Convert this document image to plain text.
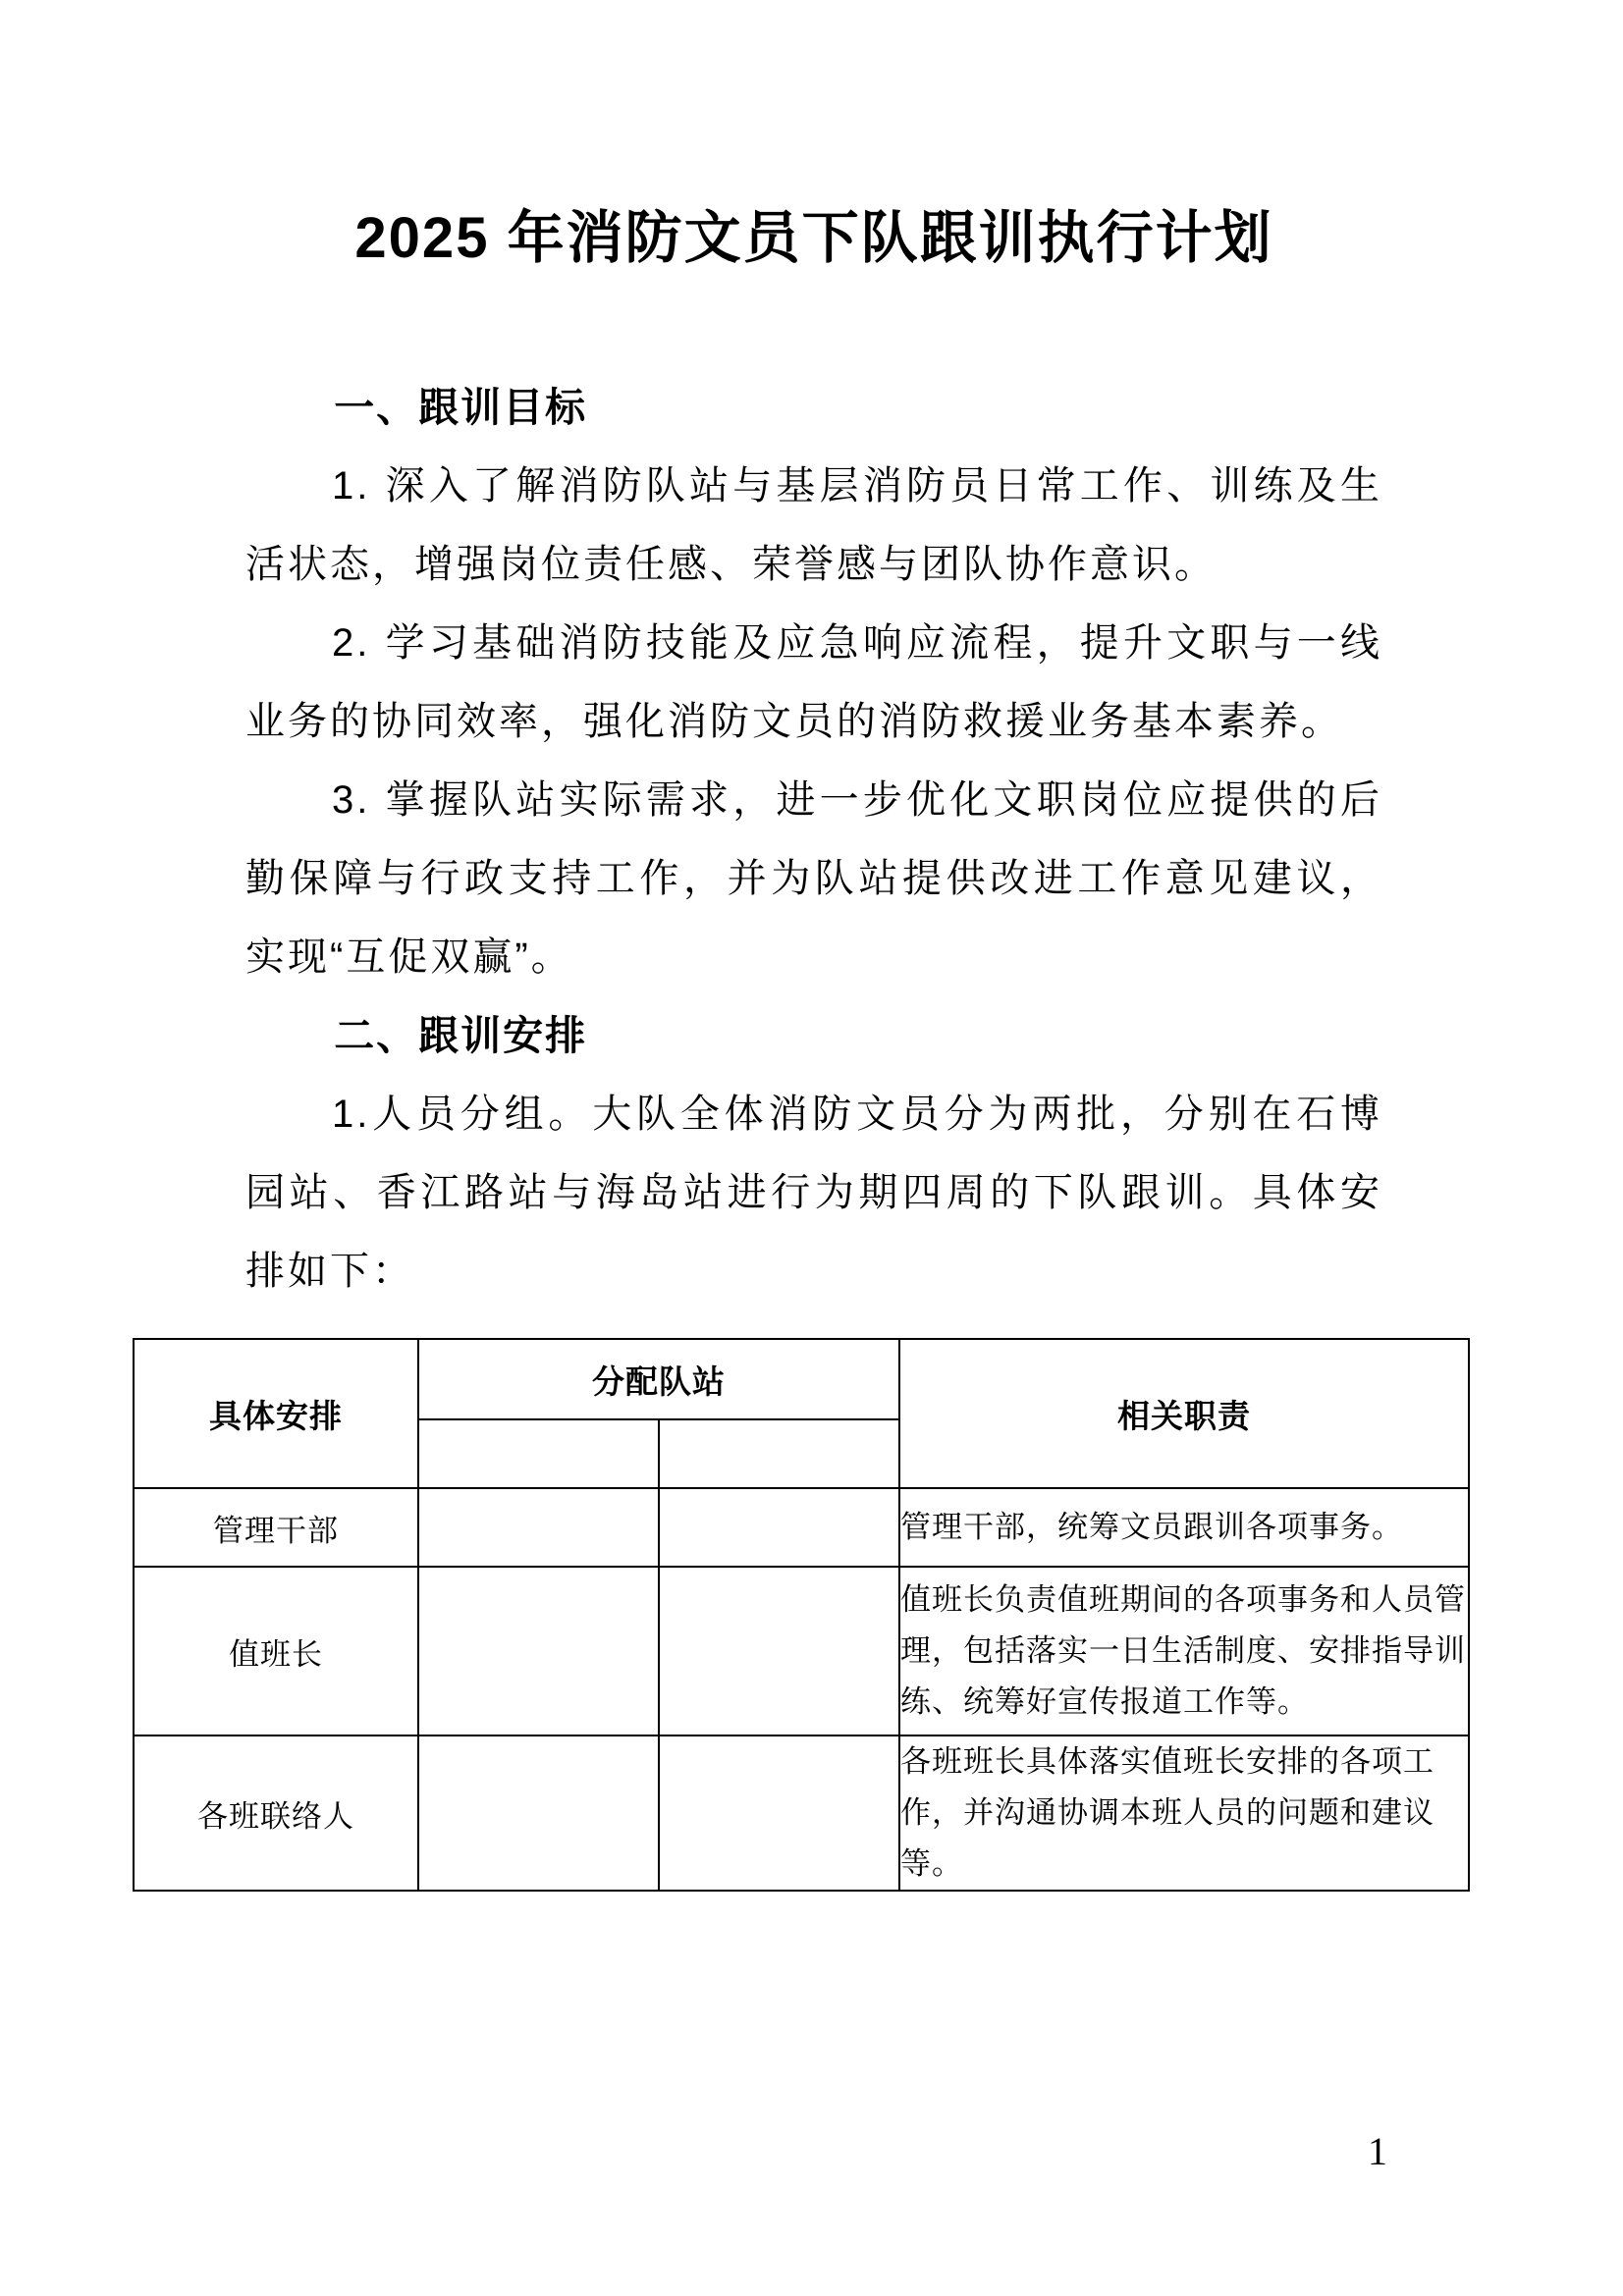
2025 年消防文员下队跟训执行计划

一、跟训目标

1. 深入了解消防队站与基层消防员日常工作、训练及生活状态，增强岗位责任感、荣誉感与团队协作意识。

2. 学习基础消防技能及应急响应流程，提升文职与一线业务的协同效率，强化消防文员的消防救援业务基本素养。

3. 掌握队站实际需求，进一步优化文职岗位应提供的后勤保障与行政支持工作，并为队站提供改进工作意见建议，实现“互促双赢”。

二、跟训安排

1.人员分组。大队全体消防文员分为两批，分别在石博园站、香江路站与海岛站进行为期四周的下队跟训。具体安排如下：

具体安排	分配队站		相关职责

管理干部			管理干部，统筹文员跟训各项事务。
值班长			值班长负责值班期间的各项事务和人员管理，包括落实一日生活制度、安排指导训练、统筹好宣传报道工作等。
各班联络人			各班班长具体落实值班长安排的各项工作，并沟通协调本班人员的问题和建议等。
1
